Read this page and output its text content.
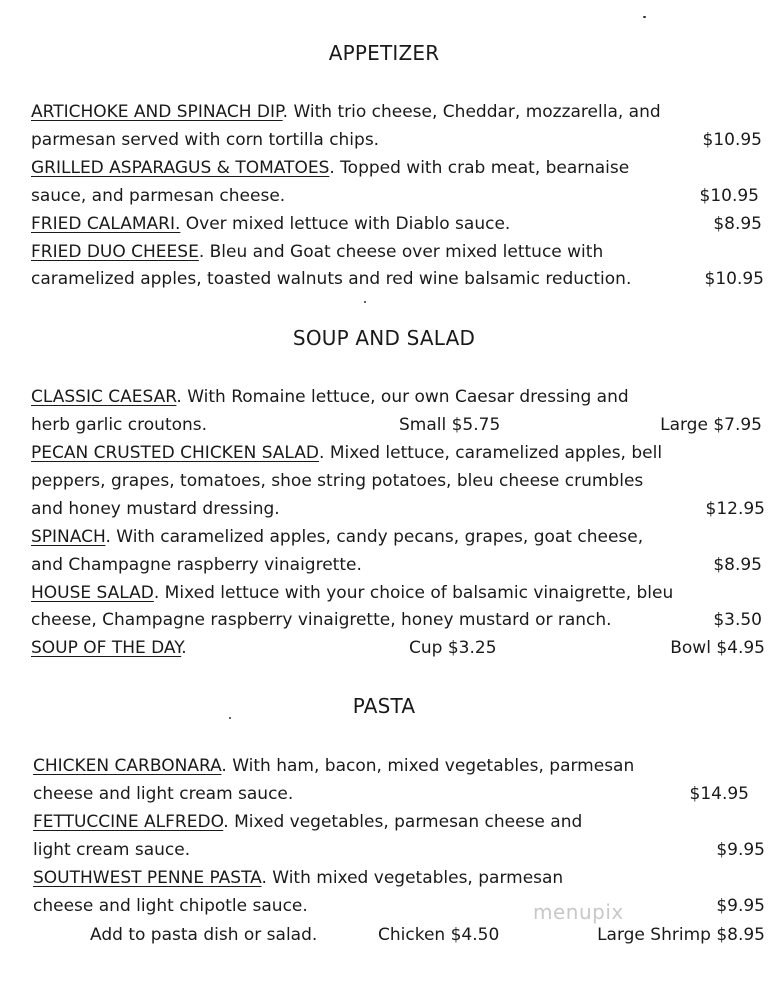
APPETIZER
ARTICHOKE AND SPINACH DIP. With trio cheese, Cheddar, mozzarella, and
parmesan served with corn tortilla chips.	$10.95
GRILLED ASPARAGUS & TOMATOES. Topped with crab meat, bearnaise
sauce, and parmesan cheese.	$10.95
FRIED CALAMARI. Over mixed lettuce with Diablo sauce.	$8.95
FRIED DUO CHEESE. Bleu and Goat cheese over mixed lettuce with
caramelized apples, toasted walnuts and red wine balsamic reduction.	$10.95
SOUP AND SALAD
CLASSIC CAESAR. With Romaine lettuce, our own Caesar dressing and
herb garlic croutons.	Small $5.75	Large $7.95
PECAN CRUSTED CHICKEN SALAD. Mixed lettuce, caramelized apples, bell
peppers, grapes, tomatoes, shoe string potatoes, bleu cheese crumbles
and honey mustard dressing.	$12.95
SPINACH. With caramelized apples, candy pecans, grapes, goat cheese,
and Champagne raspberry vinaigrette.	$8.95
HOUSE SALAD. Mixed lettuce with your choice of balsamic vinaigrette, bleu
cheese, Champagne raspberry vinaigrette, honey mustard or ranch.	$3.50
SOUP OF THE DAY.	Cup $3.25	Bowl $4.95
PASTA
CHICKEN CARBONARA. With ham, bacon, mixed vegetables, parmesan
cheese and light cream sauce.	$14.95
FETTUCCINE ALFREDO. Mixed vegetables, parmesan cheese and
light cream sauce.	$9.95
SOUTHWEST PENNE PASTA. With mixed vegetables, parmesan
cheese and light chipotle sauce.	$9.95
Add to pasta dish or salad.	Chicken $4.50	Large Shrimp $8.95
menupix
